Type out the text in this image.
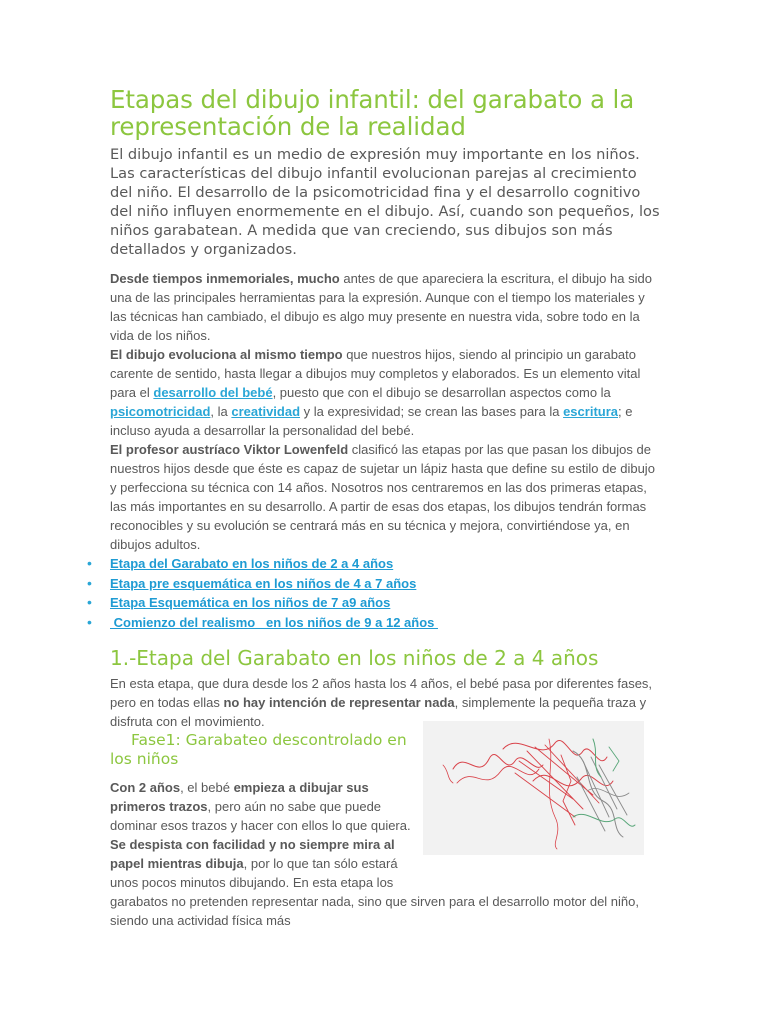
Etapas del dibujo infantil: del garabato a la representación de la realidad

El dibujo infantil es un medio de expresión muy importante en los niños. Las características del dibujo infantil evolucionan parejas al crecimiento del niño. El desarrollo de la psicomotricidad fina y el desarrollo cognitivo del niño influyen enormemente en el dibujo. Así, cuando son pequeños, los niños garabatean. A medida que van creciendo, sus dibujos son más detallados y organizados.

Desde tiempos inmemoriales, mucho antes de que apareciera la escritura, el dibujo ha sido una de las principales herramientas para la expresión. Aunque con el tiempo los materiales y las técnicas han cambiado, el dibujo es algo muy presente en nuestra vida, sobre todo en la vida de los niños.

El dibujo evoluciona al mismo tiempo que nuestros hijos, siendo al principio un garabato carente de sentido, hasta llegar a dibujos muy completos y elaborados. Es un elemento vital para el desarrollo del bebé, puesto que con el dibujo se desarrollan aspectos como la psicomotricidad, la creatividad y la expresividad; se crean las bases para la escritura; e incluso ayuda a desarrollar la personalidad del bebé.

El profesor austríaco Viktor Lowenfeld clasificó las etapas por las que pasan los dibujos de nuestros hijos desde que éste es capaz de sujetar un lápiz hasta que define su estilo de dibujo y perfecciona su técnica con 14 años. Nosotros nos centraremos en las dos primeras etapas, las más importantes en su desarrollo. A partir de esas dos etapas, los dibujos tendrán formas reconocibles y su evolución se centrará más en su técnica y mejora, convirtiéndose ya, en dibujos adultos.

• Etapa del Garabato en los niños de 2 a 4 años
• Etapa pre esquemática en los niños de 4 a 7 años
• Etapa Esquemática en los niños de 7 a9 años
•  Comienzo del realismo   en los niños de 9 a 12 años
1.-Etapa del Garabato en los niños de 2 a 4 años

En esta etapa, que dura desde los 2 años hasta los 4 años, el bebé pasa por diferentes fases, pero en todas ellas no hay intención de representar nada, simplemente la pequeña traza y disfruta con el movimiento.

Fase1: Garabateo descontrolado en los niños

Con 2 años, el bebé empieza a dibujar sus primeros trazos, pero aún no sabe que puede dominar esos trazos y hacer con ellos lo que quiera. Se despista con facilidad y no siempre mira al papel mientras dibuja, por lo que tan sólo estará unos pocos minutos dibujando. En esta etapa los garabatos no pretenden representar nada, sino que sirven para el desarrollo motor del niño, siendo una actividad física más
